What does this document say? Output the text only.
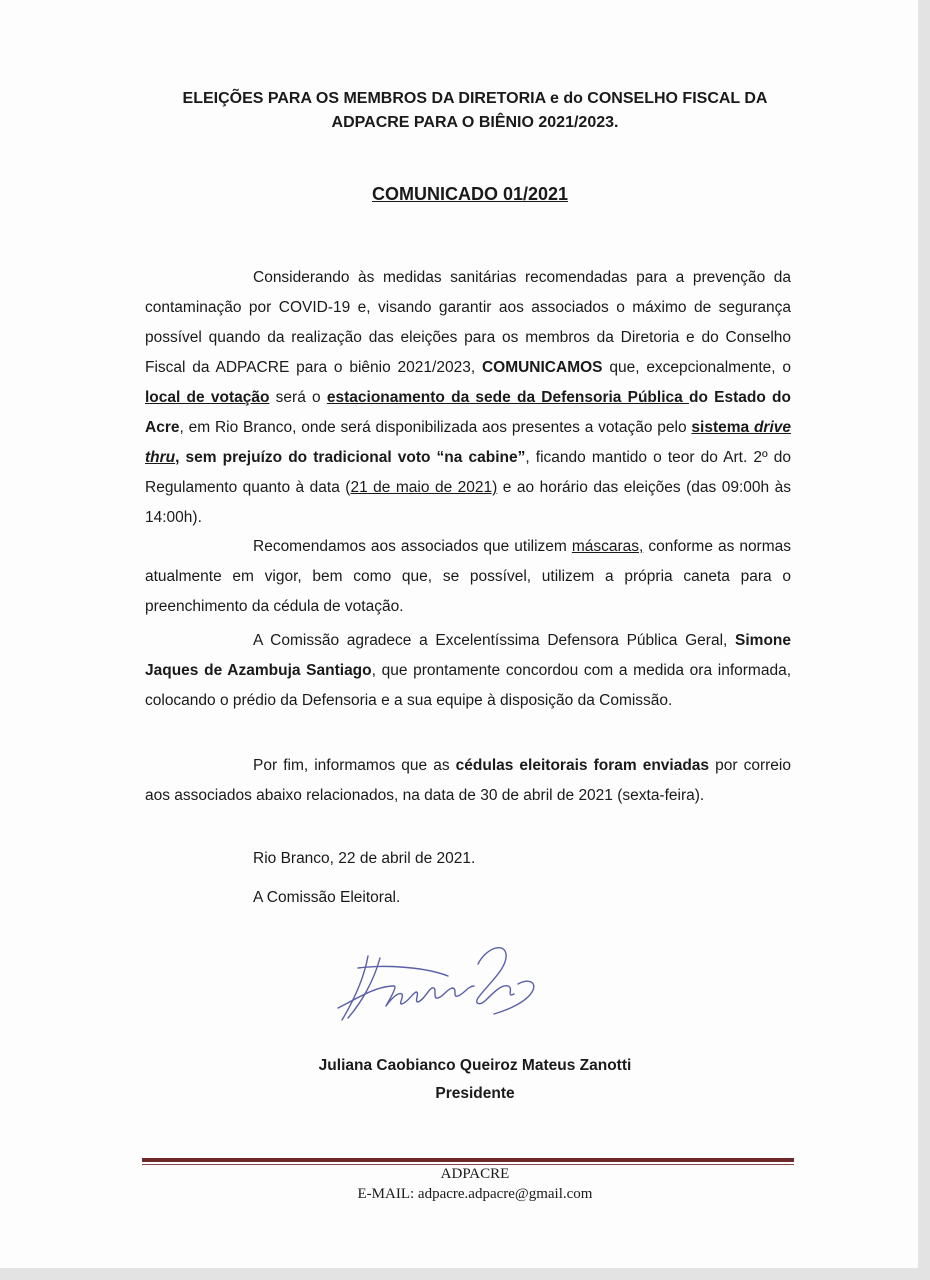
ELEIÇÕES PARA OS MEMBROS DA DIRETORIA e do CONSELHO FISCAL DA
ADPACRE PARA O BIÊNIO 2021/2023.
COMUNICADO 01/2021

Considerando às medidas sanitárias recomendadas para a prevenção da contaminação por COVID-19 e, visando garantir aos associados o máximo de segurança possível quando da realização das eleições para os membros da Diretoria e do Conselho Fiscal da ADPACRE para o biênio 2021/2023, COMUNICAMOS que, excepcionalmente, o local de votação será o estacionamento da sede da Defensoria Pública do Estado do Acre, em Rio Branco, onde será disponibilizada aos presentes a votação pelo sistema drive thru, sem prejuízo do tradicional voto “na cabine”, ficando mantido o teor do Art. 2º do Regulamento quanto à data (21 de maio de 2021) e ao horário das eleições (das 09:00h às 14:00h).

Recomendamos aos associados que utilizem máscaras, conforme as normas atualmente em vigor, bem como que, se possível, utilizem a própria caneta para o preenchimento da cédula de votação.

A Comissão agradece a Excelentíssima Defensora Pública Geral, Simone Jaques de Azambuja Santiago, que prontamente concordou com a medida ora informada, colocando o prédio da Defensoria e a sua equipe à disposição da Comissão.

Por fim, informamos que as cédulas eleitorais foram enviadas por correio aos associados abaixo relacionados, na data de 30 de abril de 2021 (sexta-feira).

Rio Branco, 22 de abril de 2021.
A Comissão Eleitoral.
Juliana Caobianco Queiroz Mateus Zanotti
Presidente
ADPACRE
E-MAIL: adpacre.adpacre@gmail.com
